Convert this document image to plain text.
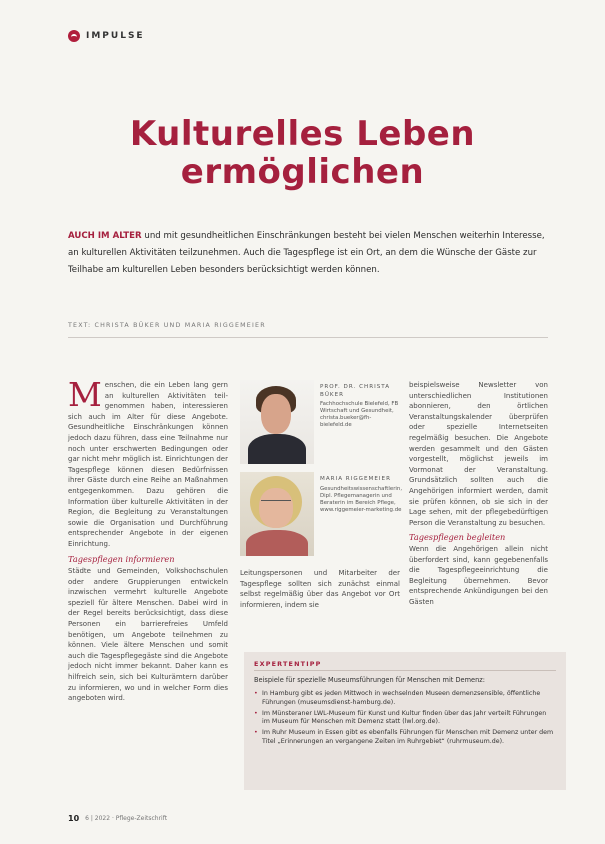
IMPULSE
Kulturelles Leben
ermöglichen
AUCH IM ALTER und mit gesundheitlichen Einschränkungen besteht bei vielen Menschen weiterhin Interesse, an kulturellen Aktivitäten teilzunehmen. Auch die Tagespflege ist ein Ort, an dem die Wünsche der Gäste zur Teilhabe am kulturellen Leben besonders berücksichtigt werden können.
TEXT: CHRISTA BÜKER UND MARIA RIGGEMEIER
M enschen, die ein Leben lang gern an kulturellen Aktivitäten teil- genommen haben, interessieren sich auch im Alter für diese Angebote. Gesundheitliche Einschränkungen können jedoch dazu führen, dass eine Teilnahme nur noch unter erschwerten Bedingungen oder gar nicht mehr möglich ist. Einrichtungen der Tagespflege können diesen Bedürfnissen ihrer Gäste durch eine Reihe an Maßnahmen entgegenkommen. Dazu gehören die Information über kulturelle Aktivitäten in der Region, die Begleitung zu Veranstaltungen sowie die Organisation und Durchführung entsprechender Angebote in der eigenen Einrichtung.
Tagespflegen informieren
Städte und Gemeinden, Volkshochschulen oder andere Gruppierungen entwickeln inzwischen vermehrt kulturelle Angebote speziell für ältere Menschen. Dabei wird in der Regel bereits berücksichtigt, dass diese Personen ein barrierefreies Umfeld benötigen, um Angebote teilnehmen zu können. Viele ältere Menschen und somit auch die Tagespflegegäste sind die Angebote jedoch nicht immer bekannt. Daher kann es hilfreich sein, sich bei Kulturämtern darüber zu informieren, wo und in welcher Form dies angeboten wird.
PROF. DR. CHRISTA BÜKER
Fachhochschule Bielefeld, FB Wirtschaft und Gesundheit, christa.bueker@fh-bielefeld.de
MARIA RIGGEMEIER
Gesundheitswissenschaftlerin, Dipl. Pflegemanagerin und Beraterin im Bereich Pflege, www.riggemeier-marketing.de
Leitungspersonen und Mitarbeiter der Tagespflege sollten sich zunächst einmal selbst regelmäßig über das Angebot vor Ort informieren, indem sie
beispielsweise Newsletter von unterschiedlichen Institutionen abonnieren, den örtlichen Veranstaltungskalender überprüfen oder spezielle Internetseiten regelmäßig besuchen. Die Angebote werden gesammelt und den Gästen vorgestellt, möglichst jeweils im Vormonat der Veranstaltung. Grundsätzlich sollten auch die Angehörigen informiert werden, damit sie prüfen können, ob sie sich in der Lage sehen, mit der pflegebedürftigen Person die Veranstaltung zu besuchen.
Tagespflegen begleiten
Wenn die Angehörigen allein nicht überfordert sind, kann gegebenenfalls die Tagespflegeeinrichtung die Begleitung übernehmen. Bevor entsprechende Ankündigungen bei den Gästen
EXPERTENTIPP
Beispiele für spezielle Museumsführungen für Menschen mit Demenz:
• In Hamburg gibt es jeden Mittwoch in wechselnden Museen demenzsensible, öffentliche Führungen (museumsdienst-hamburg.de).
• Im Münsteraner LWL-Museum für Kunst und Kultur finden über das Jahr verteilt Führungen im Museum für Menschen mit Demenz statt (lwl.org.de).
• Im Ruhr Museum in Essen gibt es ebenfalls Führungen für Menschen mit Demenz unter dem Titel „Erinnerungen an vergangene Zeiten im Ruhrgebiet“ (ruhrmuseum.de).
10 6 | 2022 · Pflege-Zeitschrift
